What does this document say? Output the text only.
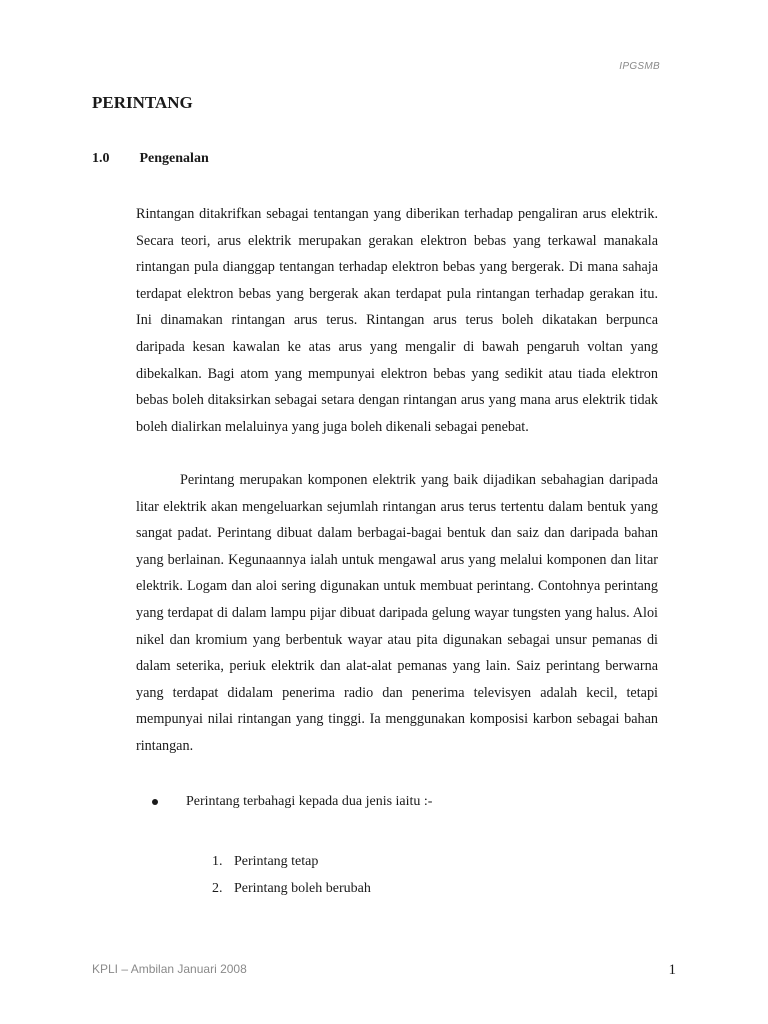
IPGSMB
PERINTANG
1.0 Pengenalan

Rintangan ditakrifkan sebagai tentangan yang diberikan terhadap pengaliran arus elektrik. Secara teori, arus elektrik merupakan gerakan elektron bebas yang terkawal manakala rintangan pula dianggap tentangan terhadap elektron bebas yang bergerak. Di mana sahaja terdapat elektron bebas yang bergerak akan terdapat pula rintangan terhadap gerakan itu. Ini dinamakan rintangan arus terus. Rintangan arus terus boleh dikatakan berpunca daripada kesan kawalan ke atas arus yang mengalir di bawah pengaruh voltan yang dibekalkan. Bagi atom yang mempunyai elektron bebas yang sedikit atau tiada elektron bebas boleh ditaksirkan sebagai setara dengan rintangan arus yang mana arus elektrik tidak boleh dialirkan melaluinya yang juga boleh dikenali sebagai penebat.

Perintang merupakan komponen elektrik yang baik dijadikan sebahagian daripada litar elektrik akan mengeluarkan sejumlah rintangan arus terus tertentu dalam bentuk yang sangat padat. Perintang dibuat dalam berbagai-bagai bentuk dan saiz dan daripada bahan yang berlainan. Kegunaannya ialah untuk mengawal arus yang melalui komponen dan litar elektrik. Logam dan aloi sering digunakan untuk membuat perintang. Contohnya perintang yang terdapat di dalam lampu pijar dibuat daripada gelung wayar tungsten yang halus. Aloi nikel dan kromium yang berbentuk wayar atau pita digunakan sebagai unsur pemanas di dalam seterika, periuk elektrik dan alat-alat pemanas yang lain. Saiz perintang berwarna yang terdapat didalam penerima radio dan penerima televisyen adalah kecil, tetapi mempunyai nilai rintangan yang tinggi. Ia menggunakan komposisi karbon sebagai bahan rintangan.

Perintang terbahagi kepada dua jenis iaitu :-
1. Perintang tetap
2. Perintang boleh berubah
KPLI – Ambilan Januari 2008	1
